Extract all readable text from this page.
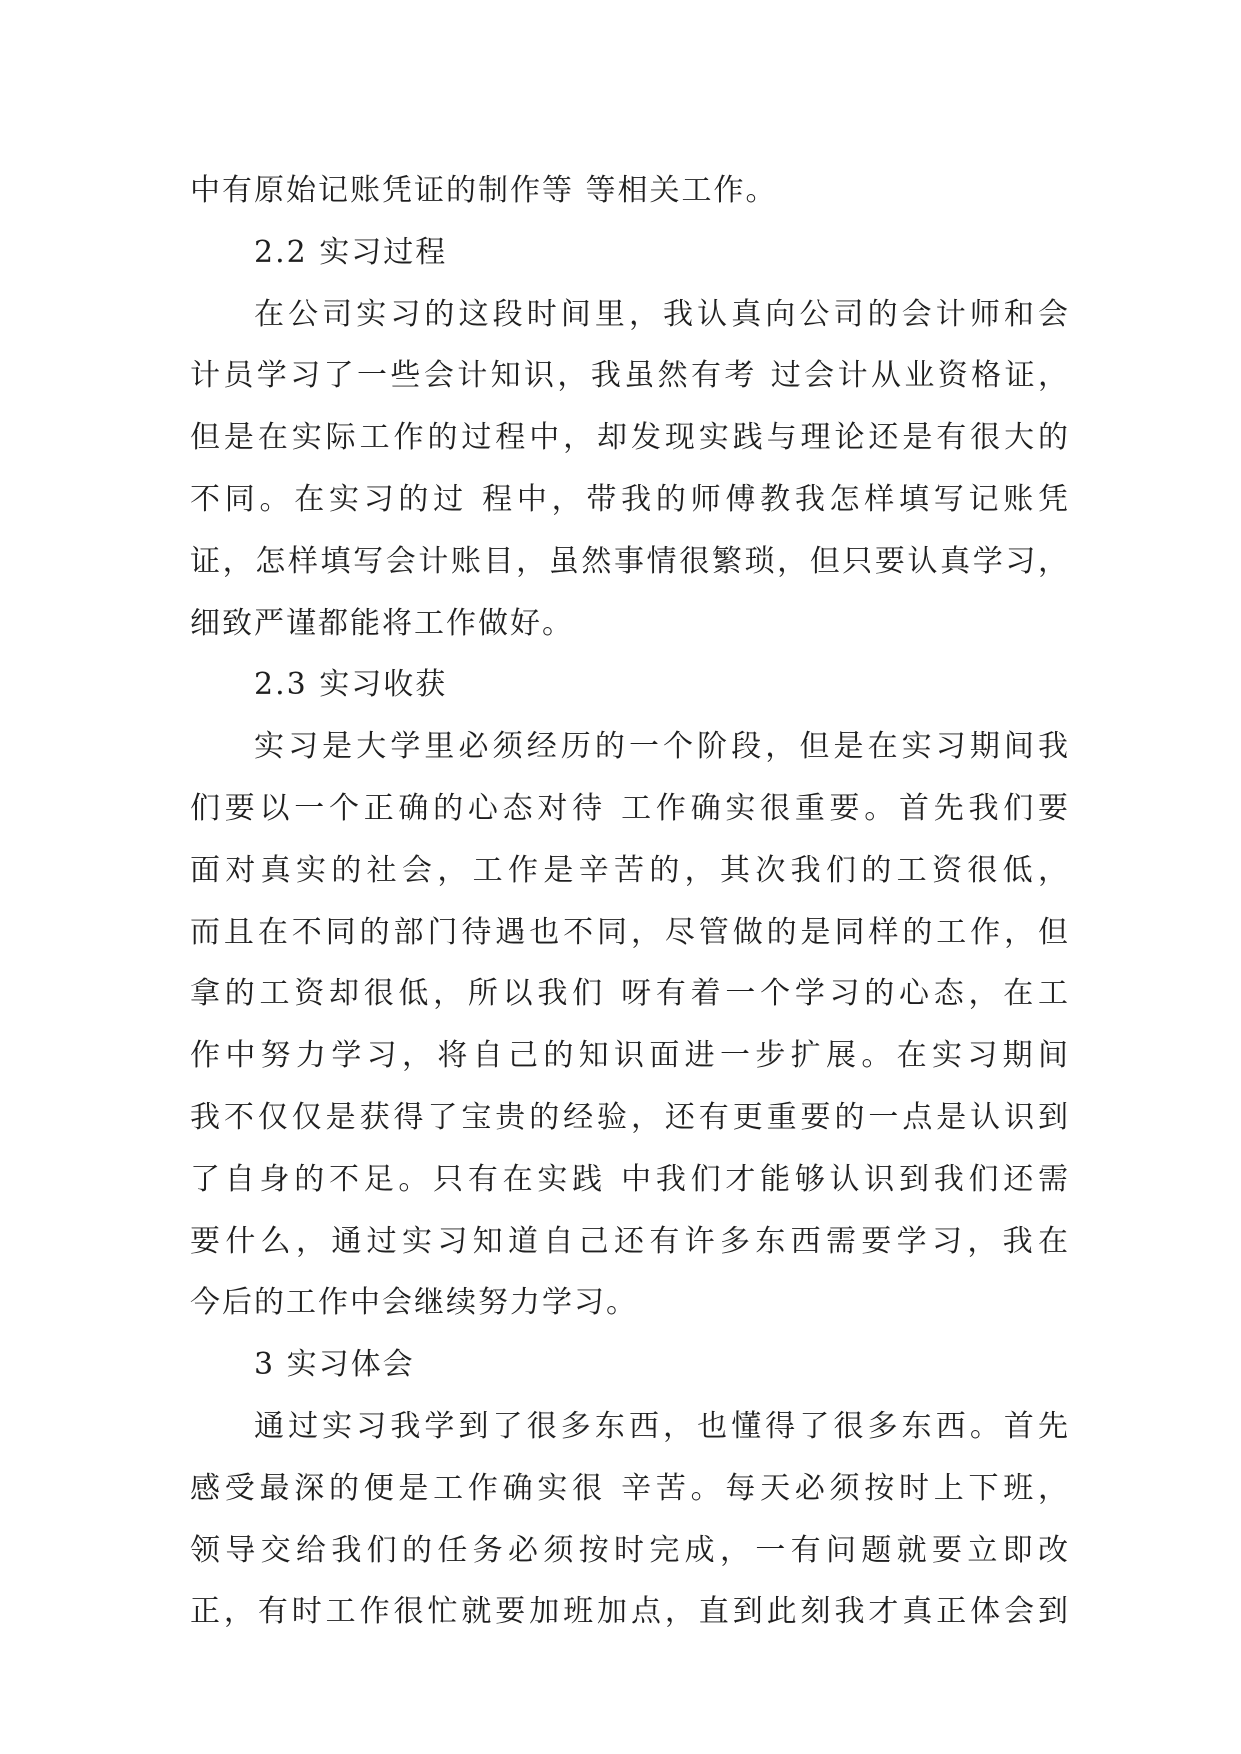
中有原始记账凭证的制作等 等相关工作。
2.2 实习过程
在公司实习的这段时间里，我认真向公司的会计师和会
计员学习了一些会计知识，我虽然有考 过会计从业资格证，
但是在实际工作的过程中，却发现实践与理论还是有很大的
不同。在实习的过 程中，带我的师傅教我怎样填写记账凭
证，怎样填写会计账目，虽然事情很繁琐，但只要认真学习，
细致严谨都能将工作做好。
2.3 实习收获
实习是大学里必须经历的一个阶段，但是在实习期间我
们要以一个正确的心态对待 工作确实很重要。首先我们要
面对真实的社会，工作是辛苦的，其次我们的工资很低，
而且在不同的部门待遇也不同，尽管做的是同样的工作，但
拿的工资却很低，所以我们 呀有着一个学习的心态，在工
作中努力学习，将自己的知识面进一步扩展。在实习期间
我不仅仅是获得了宝贵的经验，还有更重要的一点是认识到
了自身的不足。只有在实践 中我们才能够认识到我们还需
要什么，通过实习知道自己还有许多东西需要学习，我在
今后的工作中会继续努力学习。
3 实习体会
通过实习我学到了很多东西，也懂得了很多东西。首先
感受最深的便是工作确实很 辛苦。每天必须按时上下班，
领导交给我们的任务必须按时完成，一有问题就要立即改
正，有时工作很忙就要加班加点，直到此刻我才真正体会到
